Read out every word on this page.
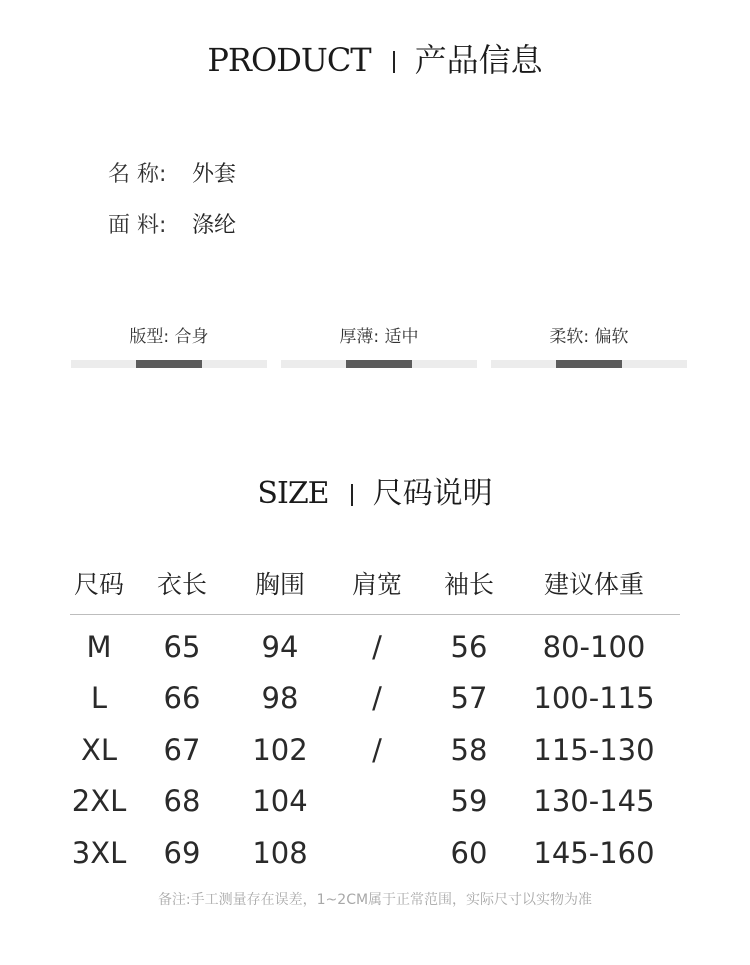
PRODUCT 产品信息
名 称: 外套
面 料: 涤纶
版型: 合身	厚薄: 适中	柔软: 偏软
SIZE 尺码说明
尺码	衣长	胸围	肩宽	袖长	建议体重
M	65	94	/	56	80-100
L	66	98	/	57	100-115
XL	67	102	/	58	115-130
2XL	68	104		59	130-145
3XL	69	108		60	145-160
备注:手工测量存在误差，1~2CM属于正常范围，实际尺寸以实物为准
